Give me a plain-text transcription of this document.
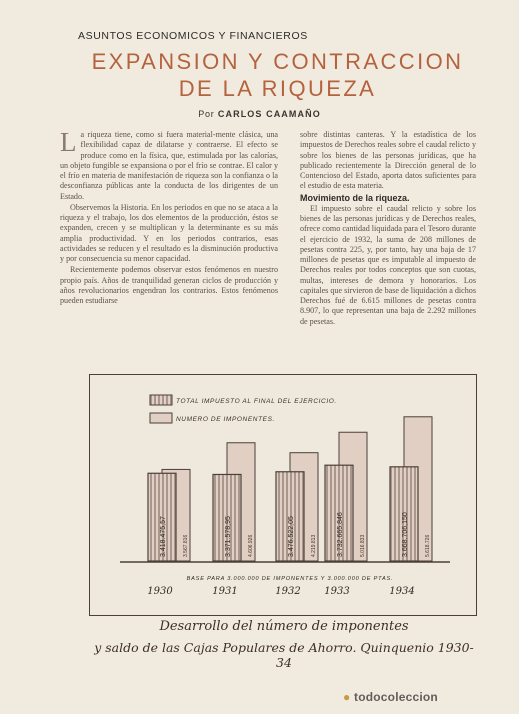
ASUNTOS ECONOMICOS Y FINANCIEROS
EXPANSION Y CONTRACCION
DE LA RIQUEZA
Por CARLOS CAAMAÑO

La riqueza tiene, como si fuera material-mente clásica, una flexibilidad capaz de dilatarse y contraerse. El efecto se produce como en la física, que, estimulada por las calorías, un objeto fungible se expansiona o por el frío se contrae. El calor y el frío en materia de manifestación de riqueza son la confianza o la desconfianza públicas ante la conducta de los dirigentes de un Estado.

Observemos la Historia. En los periodos en que no se ataca a la riqueza y el trabajo, los dos elementos de la producción, éstos se expanden, crecen y se multiplican y la determinante es su más amplia productividad. Y en los periodos contrarios, esas actividades se reducen y el resultado es la disminución productiva y por consecuencia su menor capacidad.

Recientemente podemos observar estos fenómenos en nuestro propio país. Años de tranquilidad generan ciclos de producción y años revolucionarios engendran los contrarios. Estos fenómenos pueden estudiarse

sobre distintas canteras. Y la estadística de los impuestos de Derechos reales sobre el caudal relicto y sobre los bienes de las personas jurídicas, que ha publicado recientemente la Dirección general de lo Contencioso del Estado, aporta datos suficientes para el estudio de esta materia.

Movimiento de la riqueza.

El impuesto sobre el caudal relicto y sobre los bienes de las personas jurídicas y de Derechos reales, ofrece como cantidad liquidada para el Tesoro durante el ejercicio de 1932, la suma de 208 millones de pesetas contra 225, y, por tanto, hay una baja de 17 millones de pesetas que es imputable al impuesto de Derechos reales por todos conceptos que son cuotas, multas, intereses de demora y honorarios. Los capitales que sirvieron de base de liquidación a dichos Derechos fué de 6.615 millones de pesetas contra 8.907, lo que representan una baja de 2.292 millones de pesetas.

TOTAL IMPUESTO AL FINAL DEL EJERCICIO.
NUMERO DE IMPONENTES.
3.418.475,57	3.567.816
1930
3.371.578,95	4.606.926
1931
3.476.522,05	4.219.813
1932
3.732.665,846	5.016.833
1933
3.668.706,150	5.618.726
1934
BASE PARA 3.000.000 DE IMPONENTES Y 3.000.000 DE PTAS.

Desarrollo del número de imponentes

y saldo de las Cajas Populares de Ahorro. Quinquenio 1930-34

● todocoleccion
